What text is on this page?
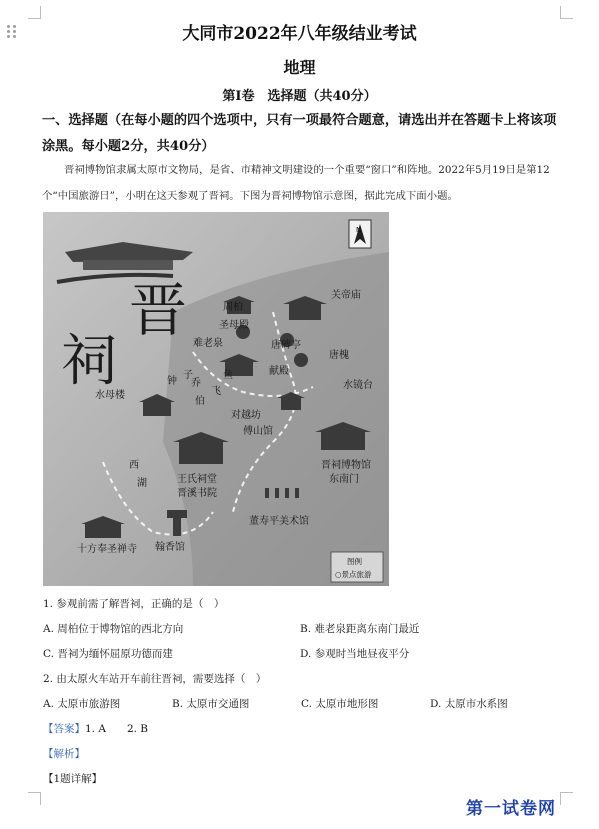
大同市2022年八年级结业考试
地理
第Ⅰ卷　选择题（共40分）
一、选择题（在每小题的四个选项中，只有一项最符合题意，请选出并在答题卡上将该项涂黑。每小题2分，共40分）
晋祠博物馆隶属太原市文物局，是省、市精神文明建设的一个重要“窗口”和阵地。2022年5月19日是第12个“中国旅游日”，小明在这天参观了晋祠。下图为晋祠博物馆示意图，据此完成下面小题。
晋
祠
N
周柏
圣母殿
关帝庙
献殿
唐碑亭
唐槐
难老泉
飞
鱼
对越坊
水镜台
子
乔
伯
钟
水母楼
傅山馆
晋祠博物馆
东南门
西
湖	王氏祠堂
晋溪书院
董寿平美术馆
十方奉圣禅寺 翰香馆
图例
○景点旅游
1. 参观前需了解晋祠，正确的是（　）
A. 周柏位于博物馆的西北方向	B. 难老泉距离东南门最近
C. 晋祠为缅怀屈原功德而建	D. 参观时当地昼夜平分
2. 由太原火车站开车前往晋祠，需要选择（　）
A. 太原市旅游图	B. 太原市交通图	C. 太原市地形图	D. 太原市水系图
【答案】1. A　　2. B
【解析】
【1题详解】
第一试卷网
